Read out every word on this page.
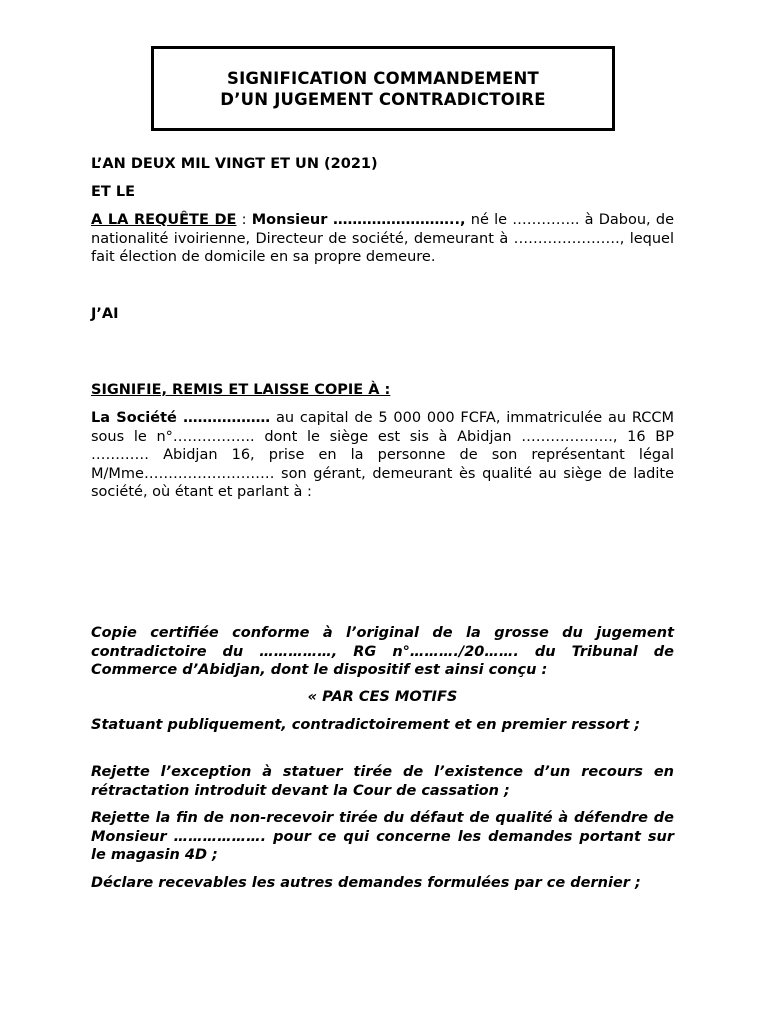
SIGNIFICATION COMMANDEMENT
D’UN JUGEMENT CONTRADICTOIRE
L’AN DEUX MIL VINGT ET UN (2021)
ET LE
A LA REQUÊTE DE : Monsieur …………………….., né le ………….. à Dabou, de nationalité ivoirienne, Directeur de société, demeurant à …………………., lequel fait élection de domicile en sa propre demeure.
J’AI
SIGNIFIE, REMIS ET LAISSE COPIE À :
La Société ……………… au capital de 5 000 000 FCFA, immatriculée au RCCM sous le n°…………….. dont le siège est sis à Abidjan ………………., 16 BP ………… Abidjan 16, prise en la personne de son représentant légal M/Mme……………………… son gérant, demeurant ès qualité au siège de ladite société, où étant et parlant à :
Copie certifiée conforme à l’original de la grosse du jugement contradictoire du ……………, RG n°………./20……. du Tribunal de Commerce d’Abidjan, dont le dispositif est ainsi conçu :
« PAR CES MOTIFS
Statuant publiquement, contradictoirement et en premier ressort ;
Rejette l’exception à statuer tirée de l’existence d’un recours en rétractation introduit devant la Cour de cassation ;
Rejette la fin de non-recevoir tirée du défaut de qualité à défendre de Monsieur ………………. pour ce qui concerne les demandes portant sur le magasin 4D ;
Déclare recevables les autres demandes formulées par ce dernier ;
